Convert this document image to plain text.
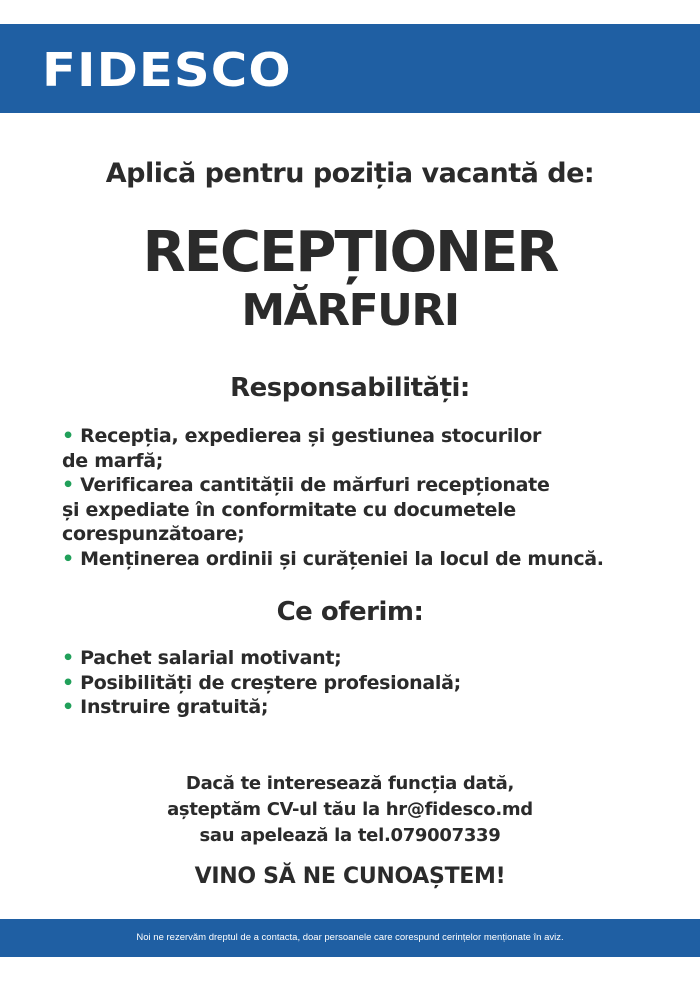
FIDESCO
Aplică pentru poziția vacantă de:
RECEPȚIONER
MĂRFURI
Responsabilități:
• Recepția, expedierea și gestiunea stocurilor
de marfă;
• Verificarea cantității de mărfuri recepționate
și expediate în conformitate cu documetele
corespunzătoare;
• Menținerea ordinii și curățeniei la locul de muncă.
Ce oferim:
• Pachet salarial motivant;
• Posibilități de creștere profesională;
• Instruire gratuită;
Dacă te interesează funcția dată,
așteptăm CV-ul tău la hr@fidesco.md
sau apelează la tel.079007339
VINO SĂ NE CUNOAȘTEM!
Noi ne rezervăm dreptul de a contacta, doar persoanele care corespund cerințelor menționate în aviz.
